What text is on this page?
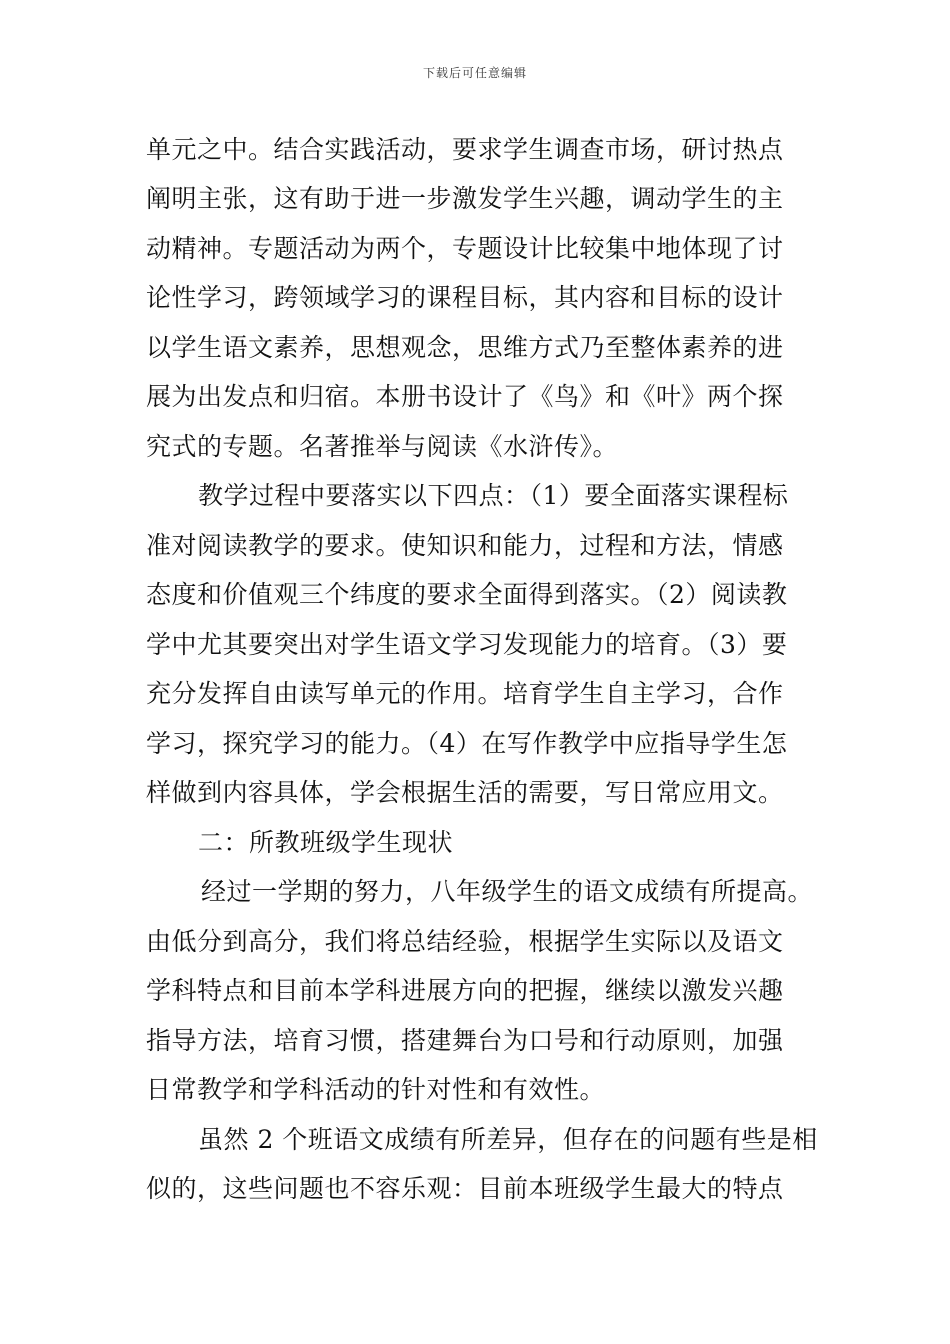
下载后可任意编辑
单元之中。结合实践活动，要求学生调查市场，研讨热点
阐明主张，这有助于进一步激发学生兴趣，调动学生的主
动精神。专题活动为两个，专题设计比较集中地体现了讨
论性学习，跨领域学习的课程目标，其内容和目标的设计
以学生语文素养，思想观念，思维方式乃至整体素养的进
展为出发点和归宿。本册书设计了《鸟》和《叶》两个探
究式的专题。名著推举与阅读《水浒传》。
教学过程中要落实以下四点：（1）要全面落实课程标
准对阅读教学的要求。使知识和能力，过程和方法，情感
态度和价值观三个纬度的要求全面得到落实。（2）阅读教
学中尤其要突出对学生语文学习发现能力的培育。（3）要
充分发挥自由读写单元的作用。培育学生自主学习，合作
学习，探究学习的能力。（4）在写作教学中应指导学生怎
样做到内容具体，学会根据生活的需要，写日常应用文。
二：所教班级学生现状
经过一学期的努力，八年级学生的语文成绩有所提高。
由低分到高分，我们将总结经验，根据学生实际以及语文
学科特点和目前本学科进展方向的把握，继续以激发兴趣
指导方法，培育习惯，搭建舞台为口号和行动原则，加强
日常教学和学科活动的针对性和有效性。
虽然 2 个班语文成绩有所差异，但存在的问题有些是相
似的，这些问题也不容乐观：目前本班级学生最大的特点
